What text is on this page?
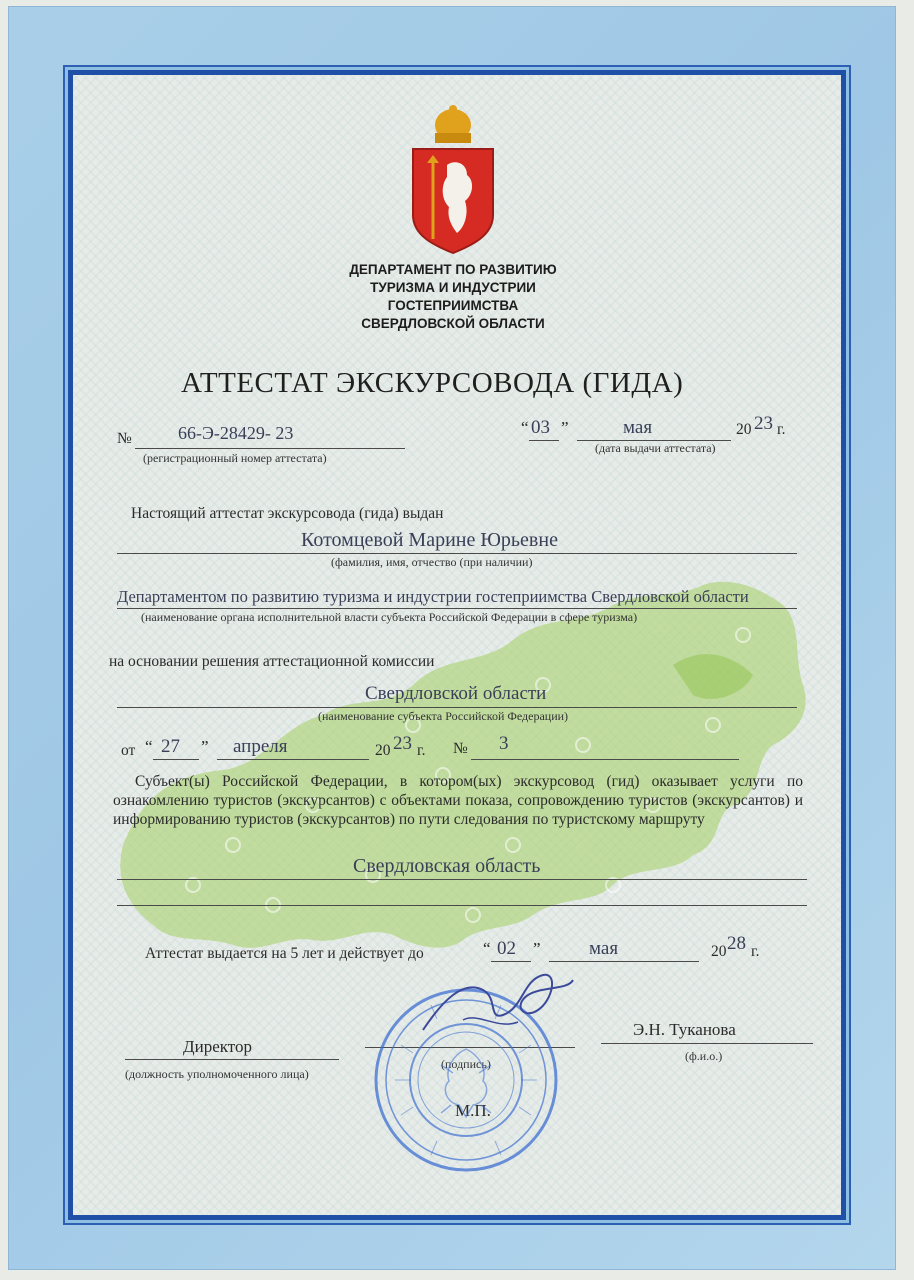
ДЕПАРТАМЕНТ ПО РАЗВИТИЮ
ТУРИЗМА И ИНДУСТРИИ
ГОСТЕПРИИМСТВА
СВЕРДЛОВСКОЙ ОБЛАСТИ
АТТЕСТАТ ЭКСКУРСОВОДА (ГИДА)
№	66-Э-28429- 23
(регистрационный номер аттестата)
“ 03 ”	мая	20 23 г.
(дата выдачи аттестата)
Настоящий аттестат экскурсовода (гида) выдан
Котомцевой Марине Юрьевне
(фамилия, имя, отчество (при наличии)
Департаментом по развитию туризма и индустрии гостеприимства Свердловской области
(наименование органа исполнительной власти субъекта Российской Федерации в сфере туризма)
на основании решения аттестационной комиссии
Свердловской области
(наименование субъекта Российской Федерации)
от “ 27 ” апреля	20 23 г. № 3
Субъект(ы) Российской Федерации, в котором(ых) экскурсовод (гид) оказывает услуги по ознакомлению туристов (экскурсантов) с объектами показа, сопровождению туристов (экскурсантов) и информированию туристов (экскурсантов) по пути следования по туристскому маршруту
Свердловская область
Аттестат выдается на 5 лет и действует до	“ 02 ”	мая	20 28 г.
Директор
(должность уполномоченного лица)
(подпись)
М.П.
Э.Н. Туканова
(ф.и.о.)
